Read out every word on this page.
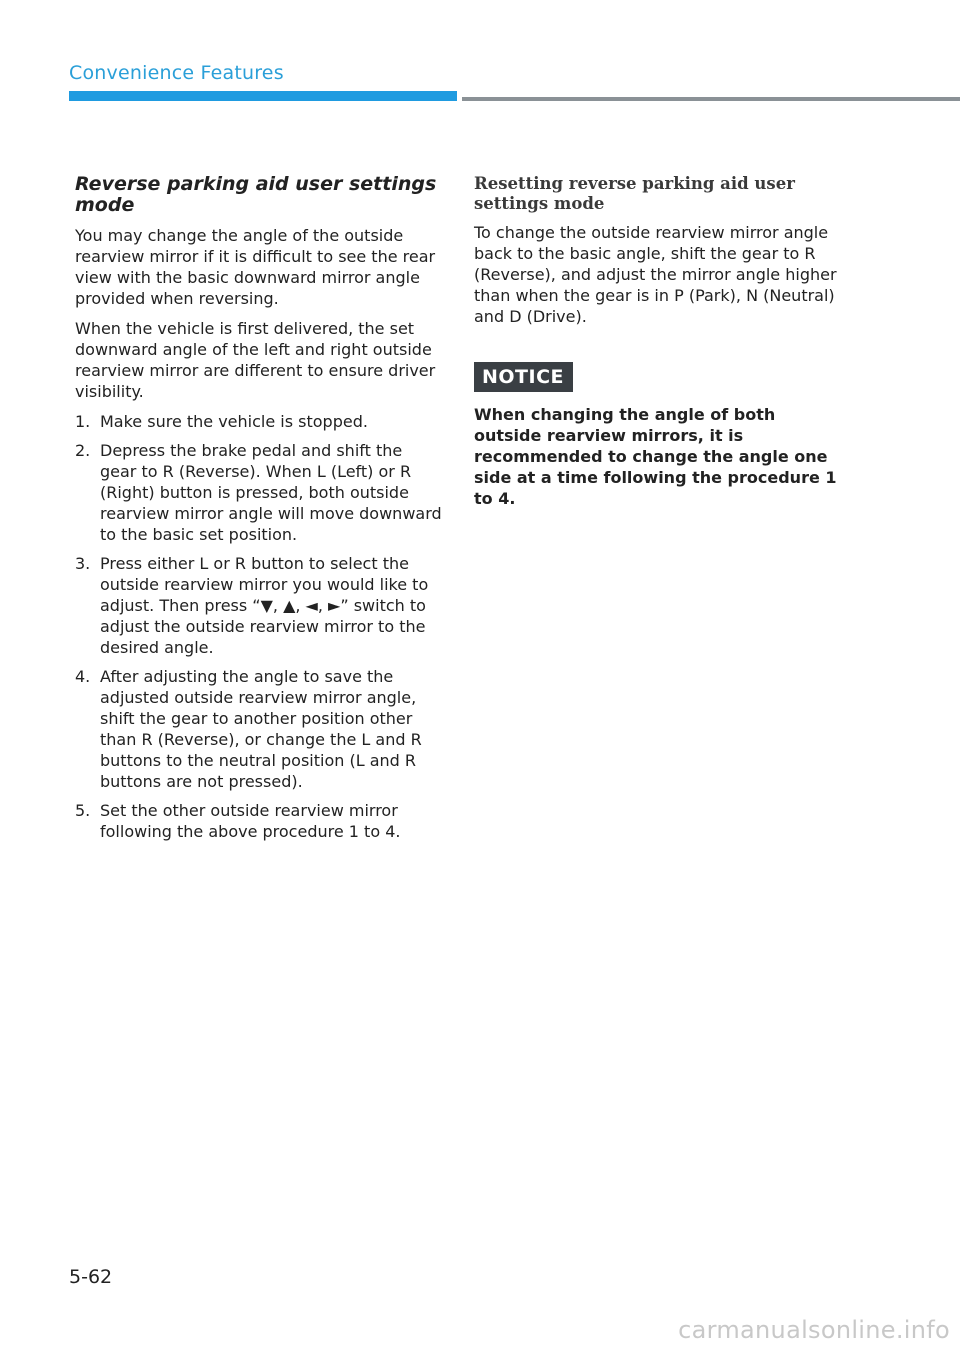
Convenience Features
Reverse parking aid user settings mode

You may change the angle of the outside rearview mirror if it is difficult to see the rear view with the basic downward mirror angle provided when reversing.

When the vehicle is first delivered, the set downward angle of the left and right outside rearview mirror are different to ensure driver visibility.

1. Make sure the vehicle is stopped.
2. Depress the brake pedal and shift the gear to R (Reverse). When L (Left) or R (Right) button is pressed, both outside rearview mirror angle will move downward to the basic set position.
3. Press either L or R button to select the outside rearview mirror you would like to adjust. Then press “▼, ▲, ◄, ►” switch to adjust the outside rearview mirror to the desired angle.
4. After adjusting the angle to save the adjusted outside rearview mirror angle, shift the gear to another position other than R (Reverse), or change the L and R buttons to the neutral position (L and R buttons are not pressed).
5. Set the other outside rearview mirror following the above procedure 1 to 4.
Resetting reverse parking aid user settings mode

To change the outside rearview mirror angle back to the basic angle, shift the gear to R (Reverse), and adjust the mirror angle higher than when the gear is in P (Park), N (Neutral) and D (Drive).

NOTICE

When changing the angle of both outside rearview mirrors, it is recommended to change the angle one side at a time following the procedure 1 to 4.

5-62
carmanualsonline.info
